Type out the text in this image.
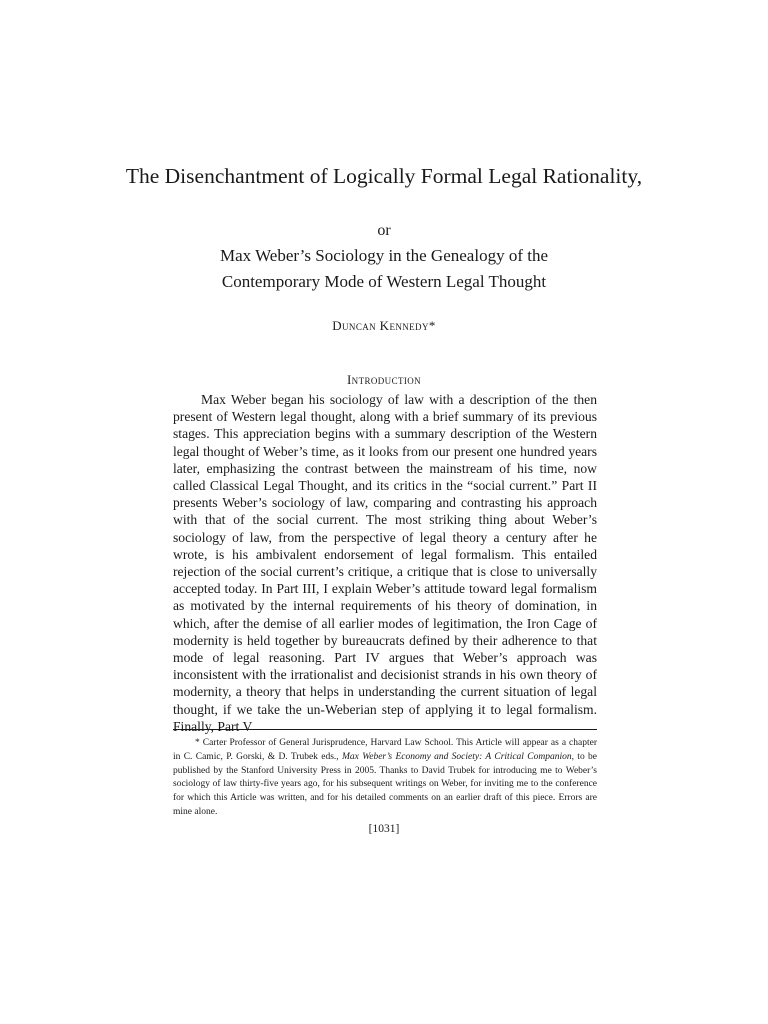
The Disenchantment of Logically Formal Legal Rationality,

or

Max Weber’s Sociology in the Genealogy of the
Contemporary Mode of Western Legal Thought

Duncan Kennedy*

Introduction

Max Weber began his sociology of law with a description of the then present of Western legal thought, along with a brief summary of its previous stages. This appreciation begins with a summary description of the Western legal thought of Weber’s time, as it looks from our present one hundred years later, emphasizing the contrast between the mainstream of his time, now called Classical Legal Thought, and its critics in the “social current.” Part II presents Weber’s sociology of law, comparing and contrasting his approach with that of the social current. The most striking thing about Weber’s sociology of law, from the perspective of legal theory a century after he wrote, is his ambivalent endorsement of legal formalism. This entailed rejection of the social current’s critique, a critique that is close to universally accepted today. In Part III, I explain Weber’s attitude toward legal formalism as motivated by the internal requirements of his theory of domination, in which, after the demise of all earlier modes of legitimation, the Iron Cage of modernity is held together by bureaucrats defined by their adherence to that mode of legal reasoning. Part IV argues that Weber’s approach was inconsistent with the irrationalist and decisionist strands in his own theory of modernity, a theory that helps in understanding the current situation of legal thought, if we take the un-Weberian step of applying it to legal formalism. Finally, Part V

* Carter Professor of General Jurisprudence, Harvard Law School. This Article will appear as a chapter in C. Camic, P. Gorski, & D. Trubek eds., Max Weber’s Economy and Society: A Critical Companion, to be published by the Stanford University Press in 2005. Thanks to David Trubek for introducing me to Weber’s sociology of law thirty-five years ago, for his subsequent writings on Weber, for inviting me to the conference for which this Article was written, and for his detailed comments on an earlier draft of this piece. Errors are mine alone.

[1031]
